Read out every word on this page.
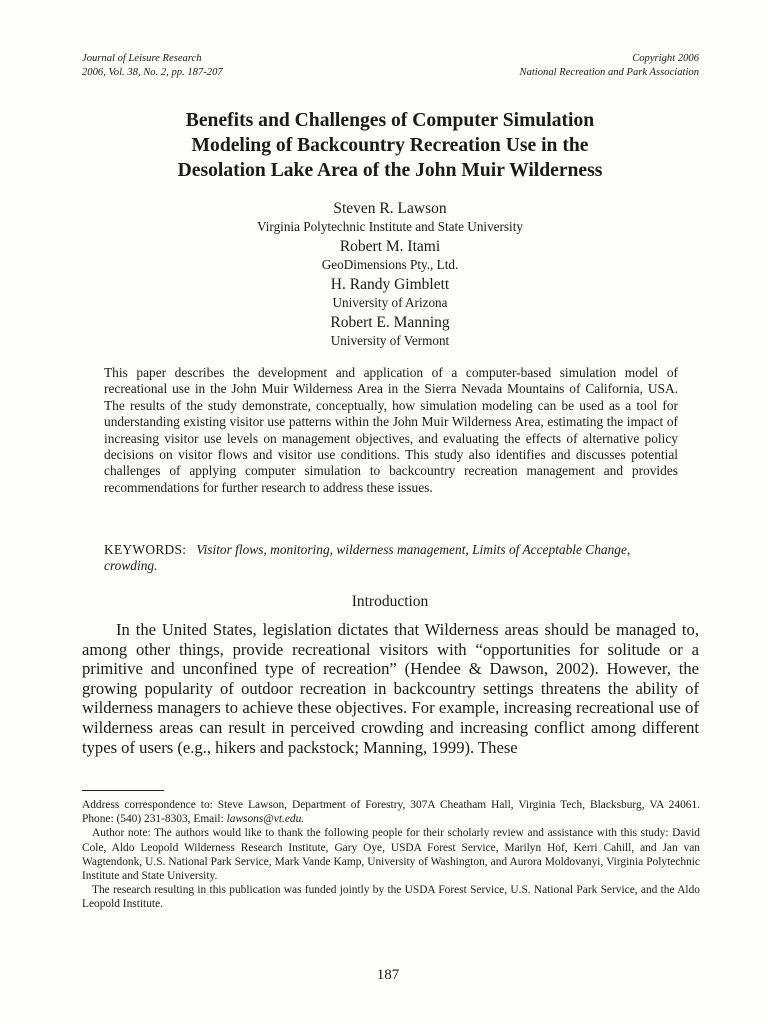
Journal of Leisure Research
2006, Vol. 38, No. 2, pp. 187-207
Copyright 2006
National Recreation and Park Association
Benefits and Challenges of Computer Simulation
Modeling of Backcountry Recreation Use in the
Desolation Lake Area of the John Muir Wilderness
Steven R. Lawson
Virginia Polytechnic Institute and State University
Robert M. Itami
GeoDimensions Pty., Ltd.
H. Randy Gimblett
University of Arizona
Robert E. Manning
University of Vermont

This paper describes the development and application of a computer-based simulation model of recreational use in the John Muir Wilderness Area in the Sierra Nevada Mountains of California, USA. The results of the study demonstrate, conceptually, how simulation modeling can be used as a tool for understanding existing visitor use patterns within the John Muir Wilderness Area, estimating the impact of increasing visitor use levels on management objectives, and evaluating the effects of alternative policy decisions on visitor flows and visitor use conditions. This study also identifies and discusses potential challenges of applying computer simulation to backcountry recreation management and provides recommendations for further research to address these issues.

KEYWORDS: Visitor flows, monitoring, wilderness management, Limits of Acceptable Change, crowding.
Introduction

In the United States, legislation dictates that Wilderness areas should be managed to, among other things, provide recreational visitors with “opportunities for solitude or a primitive and unconfined type of recreation” (Hendee & Dawson, 2002). However, the growing popularity of outdoor recreation in backcountry settings threatens the ability of wilderness managers to achieve these objectives. For example, increasing recreational use of wilderness areas can result in perceived crowding and increasing conflict among different types of users (e.g., hikers and packstock; Manning, 1999). These

Address correspondence to: Steve Lawson, Department of Forestry, 307A Cheatham Hall, Virginia Tech, Blacksburg, VA 24061. Phone: (540) 231-8303, Email: lawsons@vt.edu.

Author note: The authors would like to thank the following people for their scholarly review and assistance with this study: David Cole, Aldo Leopold Wilderness Research Institute, Gary Oye, USDA Forest Service, Marilyn Hof, Kerri Cahill, and Jan van Wagtendonk, U.S. National Park Service, Mark Vande Kamp, University of Washington, and Aurora Moldovanyi, Virginia Polytechnic Institute and State University.

The research resulting in this publication was funded jointly by the USDA Forest Service, U.S. National Park Service, and the Aldo Leopold Institute.

187
